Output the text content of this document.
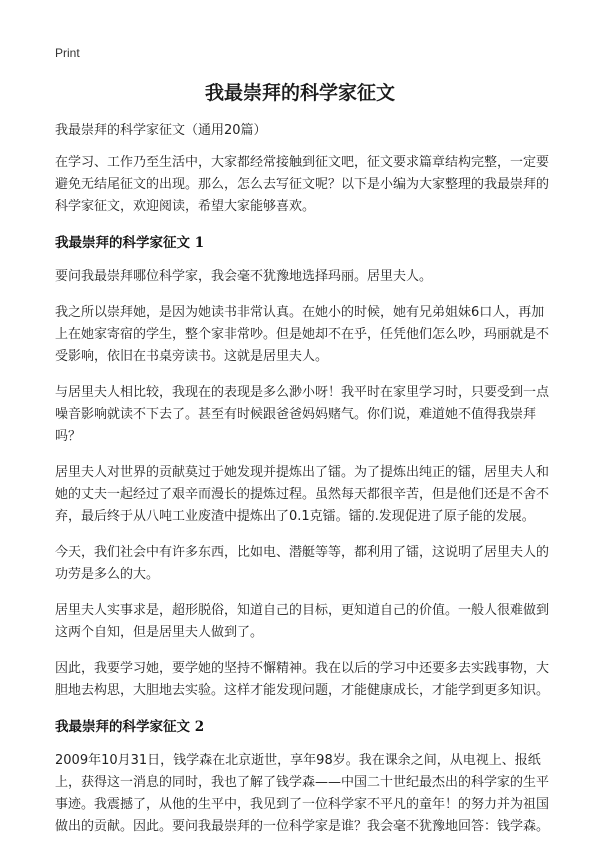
Print
我最崇拜的科学家征文

我最崇拜的科学家征文（通用20篇）

在学习、工作乃至生活中，大家都经常接触到征文吧，征文要求篇章结构完整，一定要避免无结尾征文的出现。那么，怎么去写征文呢？以下是小编为大家整理的我最崇拜的科学家征文，欢迎阅读，希望大家能够喜欢。

我最崇拜的科学家征文 1

要问我最崇拜哪位科学家，我会毫不犹豫地选择玛丽。居里夫人。

我之所以崇拜她，是因为她读书非常认真。在她小的时候，她有兄弟姐妹6口人，再加上在她家寄宿的学生，整个家非常吵。但是她却不在乎，任凭他们怎么吵，玛丽就是不受影响，依旧在书桌旁读书。这就是居里夫人。

与居里夫人相比较，我现在的表现是多么渺小呀！我平时在家里学习时，只要受到一点噪音影响就读不下去了。甚至有时候跟爸爸妈妈赌气。你们说，难道她不值得我崇拜吗？

居里夫人对世界的贡献莫过于她发现并提炼出了镭。为了提炼出纯正的镭，居里夫人和她的丈夫一起经过了艰辛而漫长的提炼过程。虽然每天都很辛苦，但是他们还是不舍不弃，最后终于从八吨工业废渣中提炼出了0.1克镭。镭的.发现促进了原子能的发展。

今天，我们社会中有许多东西，比如电、潜艇等等，都利用了镭，这说明了居里夫人的功劳是多么的大。

居里夫人实事求是，超形脱俗，知道自己的目标，更知道自己的价值。一般人很难做到这两个自知，但是居里夫人做到了。

因此，我要学习她，要学她的坚持不懈精神。我在以后的学习中还要多去实践事物，大胆地去构思，大胆地去实验。这样才能发现问题，才能健康成长，才能学到更多知识。

我最崇拜的科学家征文 2

2009年10月31日，钱学森在北京逝世，享年98岁。我在课余之间，从电视上、报纸上，获得这一消息的同时，我也了解了钱学森——中国二十世纪最杰出的科学家的生平事迹。我震撼了，从他的生平中，我见到了一位科学家不平凡的童年！的努力并为祖国做出的贡献。因此。要问我最崇拜的一位科学家是谁？我会毫不犹豫地回答：钱学森。
